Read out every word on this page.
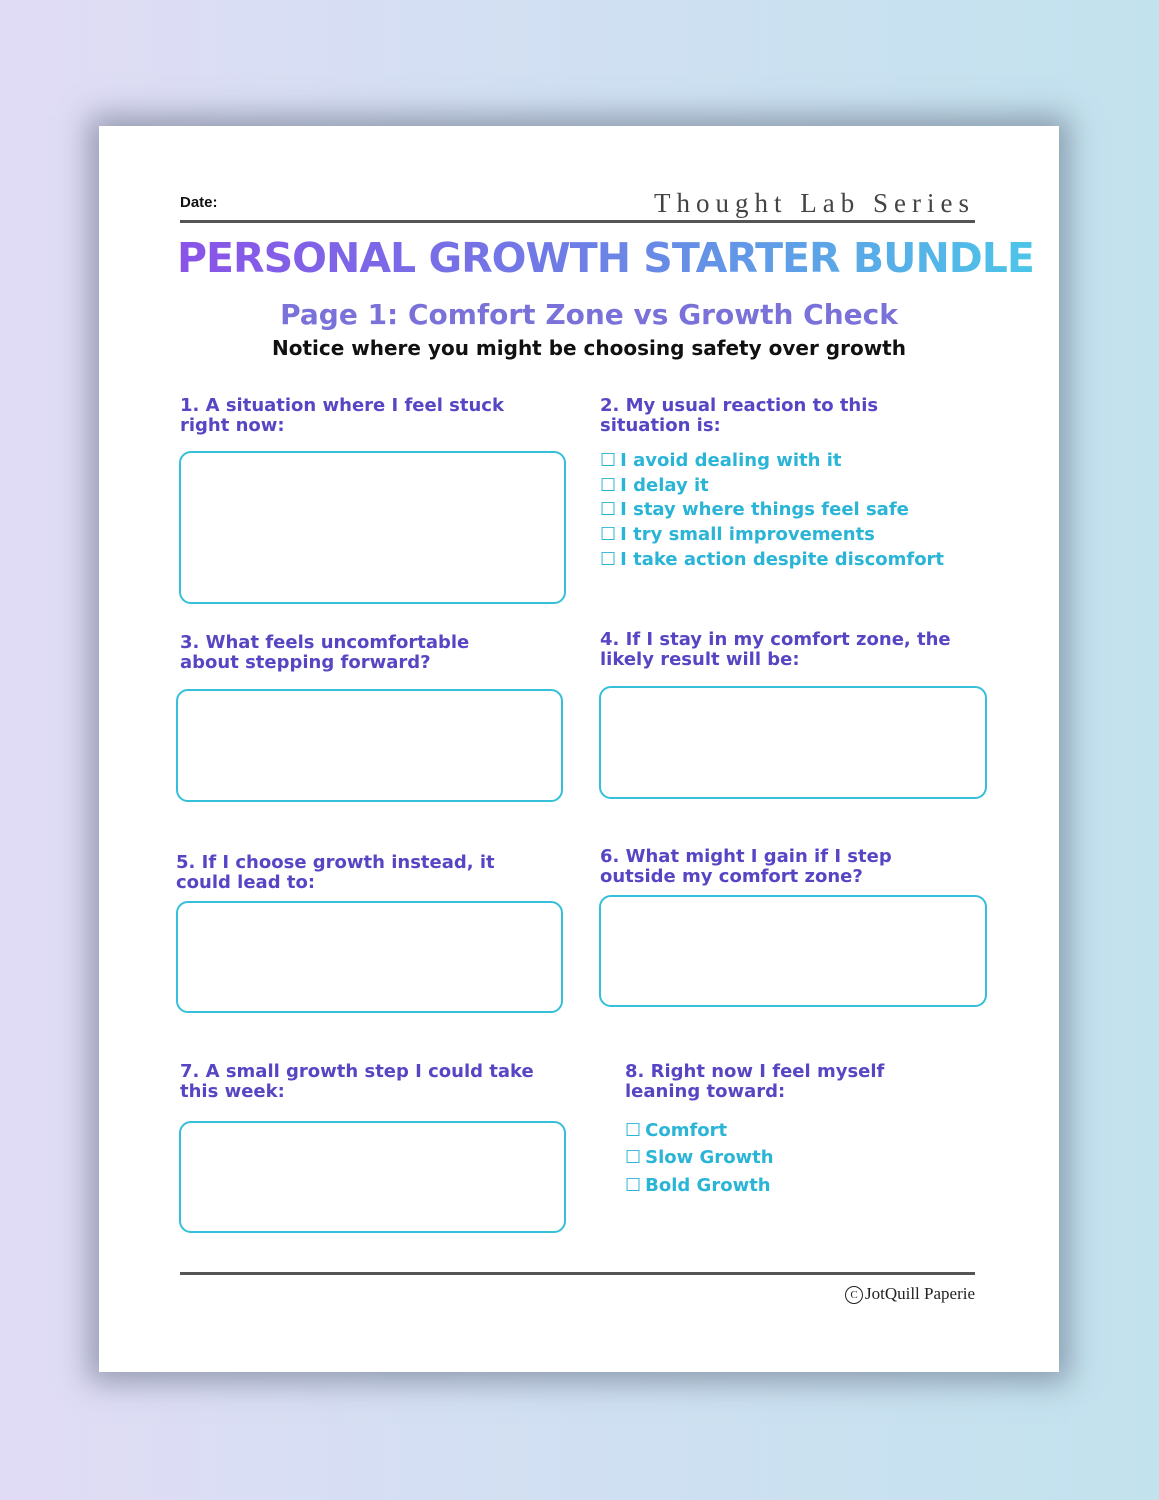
Date:	Thought Lab Series
PERSONAL GROWTH STARTER BUNDLE
Page 1: Comfort Zone vs Growth Check
Notice where you might be choosing safety over growth
1. A situation where I feel stuck right now:
2. My usual reaction to this situation is:
☐ I avoid dealing with it
☐ I delay it
☐ I stay where things feel safe
☐ I try small improvements
☐ I take action despite discomfort
3. What feels uncomfortable about stepping forward?
4. If I stay in my comfort zone, the likely result will be:
5. If I choose growth instead, it could lead to:
6. What might I gain if I step outside my comfort zone?
7. A small growth step I could take this week:
8. Right now I feel myself leaning toward:
☐ Comfort
☐ Slow Growth
☐ Bold Growth
C JotQuill Paperie
